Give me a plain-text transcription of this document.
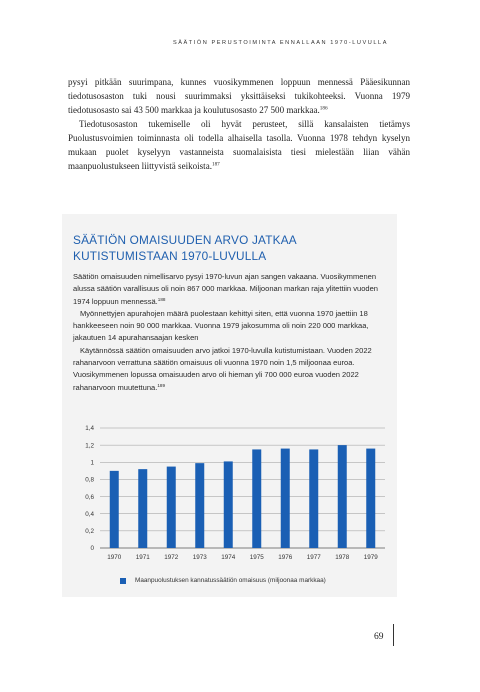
SÄÄTIÖN PERUSTOIMINTA ENNALLAAN 1970-LUVULLA

pysyi pitkään suurimpana, kunnes vuosikymmenen loppuun mennessä Pääesikunnan tiedotusosaston tuki nousi suurimmaksi yksittäiseksi tukikohteeksi. Vuonna 1979 tiedotusosasto sai 43 500 markkaa ja koulutusosasto 27 500 markkaa.$^{186}$

Tiedotusosaston tukemiselle oli hyvät perusteet, sillä kansalaisten tietämys Puolustusvoimien toiminnasta oli todella alhaisella tasolla. Vuonna 1978 tehdyn kyselyn mukaan puolet kyselyyn vastanneista suomalaisista tiesi mielestään liian vähän maanpuolustukseen liittyvistä seikoista.$^{187}$

SÄÄTIÖN OMAISUUDEN ARVO JATKAA
KUTISTUMISTAAN 1970-LUVULLA

Säätiön omaisuuden nimellisarvo pysyi 1970-luvun ajan sangen vakaana. Vuosikymmenen alussa säätiön varallisuus oli noin 867 000 markkaa. Miljoonan markan raja ylitettiin vuoden 1974 loppuun mennessä.$^{188}$

Myönnettyjen apurahojen määrä puolestaan kehittyi siten, että vuonna 1970 jaettiin 18 hankkeeseen noin 90 000 markkaa. Vuonna 1979 jakosumma oli noin 220 000 markkaa, jakautuen 14 apurahansaajan kesken

Käytännössä säätiön omaisuuden arvo jatkoi 1970-luvulla kutistumistaan. Vuoden 2022 rahanarvoon verrattuna säätiön omaisuus oli vuonna 1970 noin 1,5 miljoonaa euroa. Vuosikymmenen lopussa omaisuuden arvo oli hieman yli 700 000 euroa vuoden 2022 rahanarvoon muutettuna.$^{189}$

0
0,2
0,4
0,6
0,8
1
1,2
1,4
1970 1971 1972 1973 1974 1975 1976 1977 1978 1979
Maanpuolustuksen kannatussäätiön omaisuus (miljoonaa markkaa)
69
